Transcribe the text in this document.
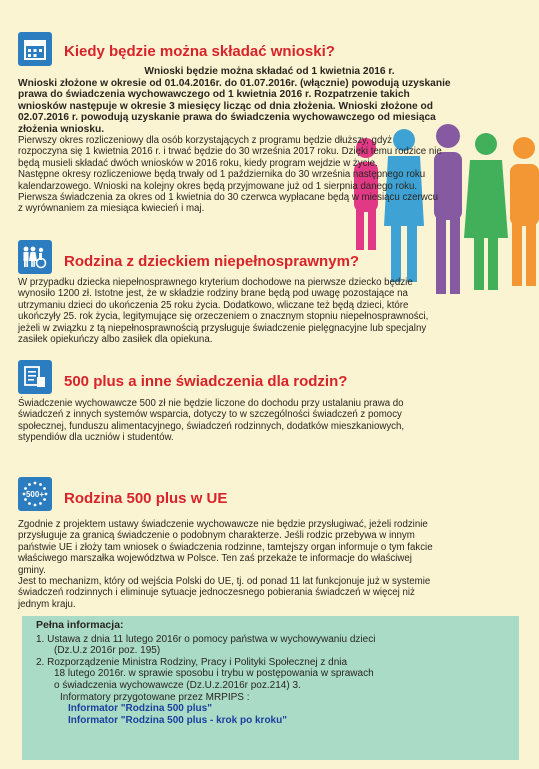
Kiedy będzie można składać wnioski?
Wnioski będzie można składać od 1 kwietnia 2016 r.
Wnioski złożone w okresie od 01.04.2016r. do 01.07.2016r. (włącznie) powodują uzyskanie
prawa do świadczenia wychowawczego od 1 kwietnia 2016 r. Rozpatrzenie takich
wniosków następuje w okresie 3 miesięcy licząc od dnia złożenia. Wnioski złożone od
02.07.2016 r. powodują uzyskanie prawa do świadczenia wychowawczego od miesiąca
złożenia wniosku.

Pierwszy okres rozliczeniowy dla osób korzystających z programu będzie dłuższy, gdyż

rozpoczyna się 1 kwietnia 2016 r. i trwać będzie do 30 września 2017 roku. Dzięki temu rodzice nie

będą musieli składać dwóch wniosków w 2016 roku, kiedy program wejdzie w życie.

Następne okresy rozliczeniowe będą trwały od 1 października do 30 września następnego roku

kalendarzowego. Wnioski na kolejny okres będą przyjmowane już od 1 sierpnia danego roku.

Pierwsza świadczenia za okres od 1 kwietnia do 30 czerwca wypłacane będą w miesiącu czerwcu

z wyrównaniem za miesiąca kwiecień i maj.

Rodzina z dzieckiem niepełnosprawnym?

W przypadku dziecka niepełnosprawnego kryterium dochodowe na pierwsze dziecko będzie

wynosiło 1200 zł. Istotne jest, że w składzie rodziny brane będą pod uwagę pozostające na

utrzymaniu dzieci do ukończenia 25 roku życia. Dodatkowo, wliczane też będą dzieci, które

ukończyły 25. rok życia, legitymujące się orzeczeniem o znacznym stopniu niepełnosprawności,

jeżeli w związku z tą niepełnosprawnością przysługuje świadczenie pielęgnacyjne lub specjalny

zasiłek opiekuńczy albo zasiłek dla opiekuna.

500 plus a inne świadczenia dla rodzin?

Świadczenie wychowawcze 500 zł nie będzie liczone do dochodu przy ustalaniu prawa do

świadczeń z innych systemów wsparcia, dotyczy to w szczególności świadczeń z pomocy

społecznej, funduszu alimentacyjnego, świadczeń rodzinnych, dodatków mieszkaniowych,

stypendiów dla uczniów i studentów.

500+ Rodzina 500 plus w UE

Zgodnie z projektem ustawy świadczenie wychowawcze nie będzie przysługiwać, jeżeli rodzinie

przysługuje za granicą świadczenie o podobnym charakterze. Jeśli rodzic przebywa w innym

państwie UE i złoży tam wniosek o świadczenia rodzinne, tamtejszy organ informuje o tym fakcie

właściwego marszałka województwa w Polsce. Ten zaś przekaże te informacje do właściwej

gminy.

Jest to mechanizm, który od wejścia Polski do UE, tj. od ponad 11 lat funkcjonuje już w systemie

świadczeń rodzinnych i eliminuje sytuacje jednoczesnego pobierania świadczeń w więcej niż

jednym kraju.

Pełna informacja:
1. Ustawa z dnia 11 lutego 2016r o pomocy państwa w wychowywaniu dzieci
(Dz.U.z 2016r poz. 195)
2. Rozporządzenie Ministra Rodziny, Pracy i Polityki Społecznej z dnia
18 lutego 2016r. w sprawie sposobu i trybu w postępowania w sprawach
o świadczenia wychowawcze (Dz.U.z.2016r poz.214) 3.
Informatory przygotowane przez MRPIPS :
Informator "Rodzina 500 plus"
Informator "Rodzina 500 plus - krok po kroku"
